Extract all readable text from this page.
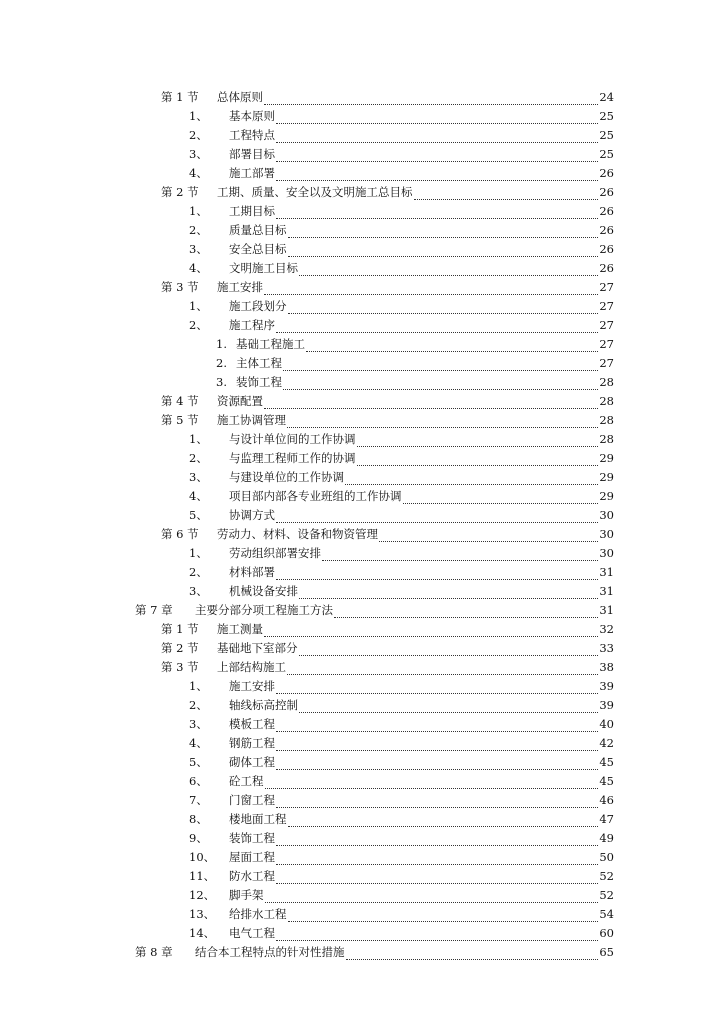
第 1 节	总体原则	24
1、	基本原则	25
2、	工程特点	25
3、	部署目标	25
4、	施工部署	26
第 2 节	工期、质量、安全以及文明施工总目标	26
1、	工期目标	26
2、	质量总目标	26
3、	安全总目标	26
4、	文明施工目标	26
第 3 节	施工安排	27
1、	施工段划分	27
2、	施工程序	27
1. 基础工程施工	27
2. 主体工程	27
3. 装饰工程	28
第 4 节	资源配置	28
第 5 节	施工协调管理	28
1、	与设计单位间的工作协调	28
2、	与监理工程师工作的协调	29
3、	与建设单位的工作协调	29
4、	项目部内部各专业班组的工作协调	29
5、	协调方式	30
第 6 节	劳动力、材料、设备和物资管理	30
1、	劳动组织部署安排	30
2、	材料部署	31
3、	机械设备安排	31
第 7 章	主要分部分项工程施工方法	31
第 1 节	施工测量	32
第 2 节	基础地下室部分	33
第 3 节	上部结构施工	38
1、	施工安排	39
2、	轴线标高控制	39
3、	模板工程	40
4、	钢筋工程	42
5、	砌体工程	45
6、	砼工程	45
7、	门窗工程	46
8、	楼地面工程	47
9、	装饰工程	49
10、	屋面工程	50
11、	防水工程	52
12、	脚手架	52
13、	给排水工程	54
14、	电气工程	60
第 8 章	结合本工程特点的针对性措施	65
